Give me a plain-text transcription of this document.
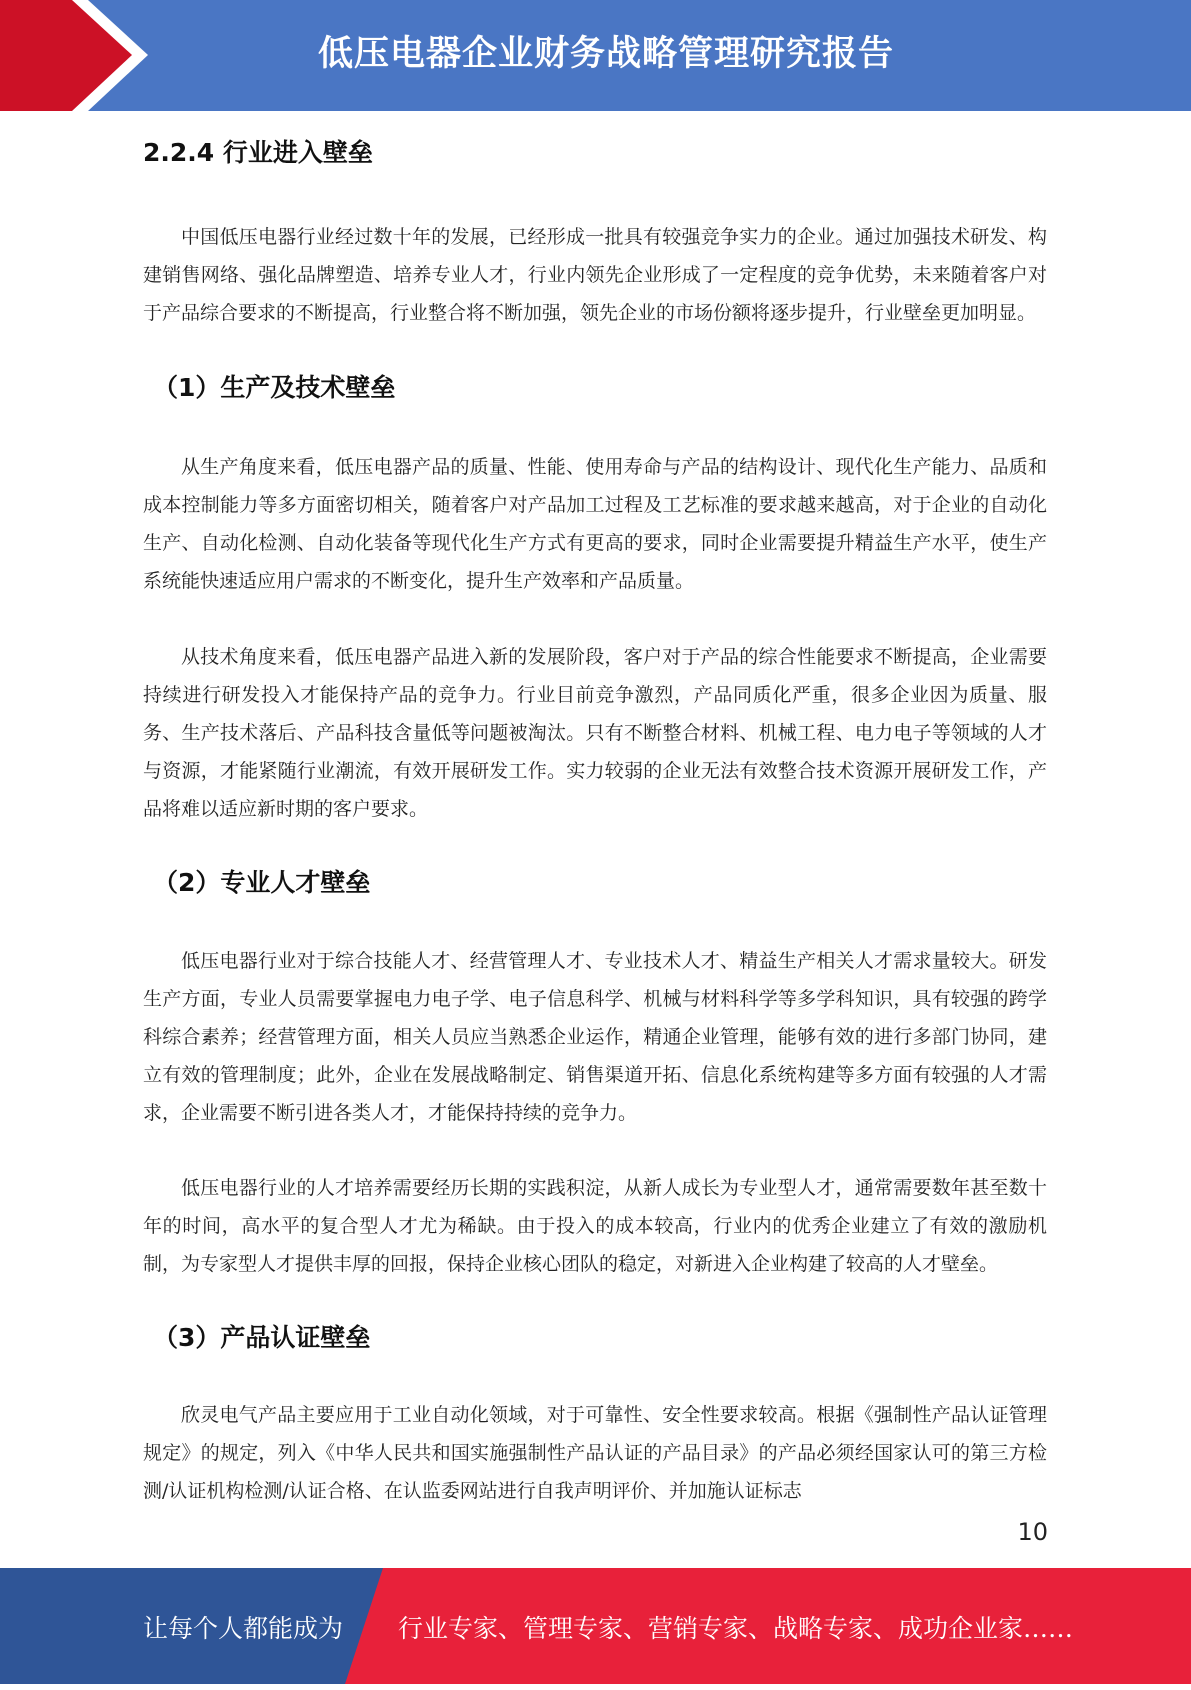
低压电器企业财务战略管理研究报告
2.2.4 行业进入壁垒

中国低压电器行业经过数十年的发展，已经形成一批具有较强竞争实力的企业。通过加强技术研发、构建销售网络、强化品牌塑造、培养专业人才，行业内领先企业形成了一定程度的竞争优势，未来随着客户对于产品综合要求的不断提高，行业整合将不断加强，领先企业的市场份额将逐步提升，行业壁垒更加明显。

（1）生产及技术壁垒

从生产角度来看，低压电器产品的质量、性能、使用寿命与产品的结构设计、现代化生产能力、品质和成本控制能力等多方面密切相关，随着客户对产品加工过程及工艺标准的要求越来越高，对于企业的自动化生产、自动化检测、自动化装备等现代化生产方式有更高的要求，同时企业需要提升精益生产水平，使生产系统能快速适应用户需求的不断变化，提升生产效率和产品质量。

从技术角度来看，低压电器产品进入新的发展阶段，客户对于产品的综合性能要求不断提高，企业需要持续进行研发投入才能保持产品的竞争力。行业目前竞争激烈，产品同质化严重，很多企业因为质量、服务、生产技术落后、产品科技含量低等问题被淘汰。只有不断整合材料、机械工程、电力电子等领域的人才与资源，才能紧随行业潮流，有效开展研发工作。实力较弱的企业无法有效整合技术资源开展研发工作，产品将难以适应新时期的客户要求。

（2）专业人才壁垒

低压电器行业对于综合技能人才、经营管理人才、专业技术人才、精益生产相关人才需求量较大。研发生产方面，专业人员需要掌握电力电子学、电子信息科学、机械与材料科学等多学科知识，具有较强的跨学科综合素养；经营管理方面，相关人员应当熟悉企业运作，精通企业管理，能够有效的进行多部门协同，建立有效的管理制度；此外，企业在发展战略制定、销售渠道开拓、信息化系统构建等多方面有较强的人才需求，企业需要不断引进各类人才，才能保持持续的竞争力。

低压电器行业的人才培养需要经历长期的实践积淀，从新人成长为专业型人才，通常需要数年甚至数十年的时间，高水平的复合型人才尤为稀缺。由于投入的成本较高，行业内的优秀企业建立了有效的激励机制，为专家型人才提供丰厚的回报，保持企业核心团队的稳定，对新进入企业构建了较高的人才壁垒。

（3）产品认证壁垒

欣灵电气产品主要应用于工业自动化领域，对于可靠性、安全性要求较高。根据《强制性产品认证管理规定》的规定，列入《中华人民共和国实施强制性产品认证的产品目录》的产品必须经国家认可的第三方检测/认证机构检测/认证合格、在认监委网站进行自我声明评价、并加施认证标志

10
让每个人都能成为 行业专家、管理专家、营销专家、战略专家、成功企业家……
